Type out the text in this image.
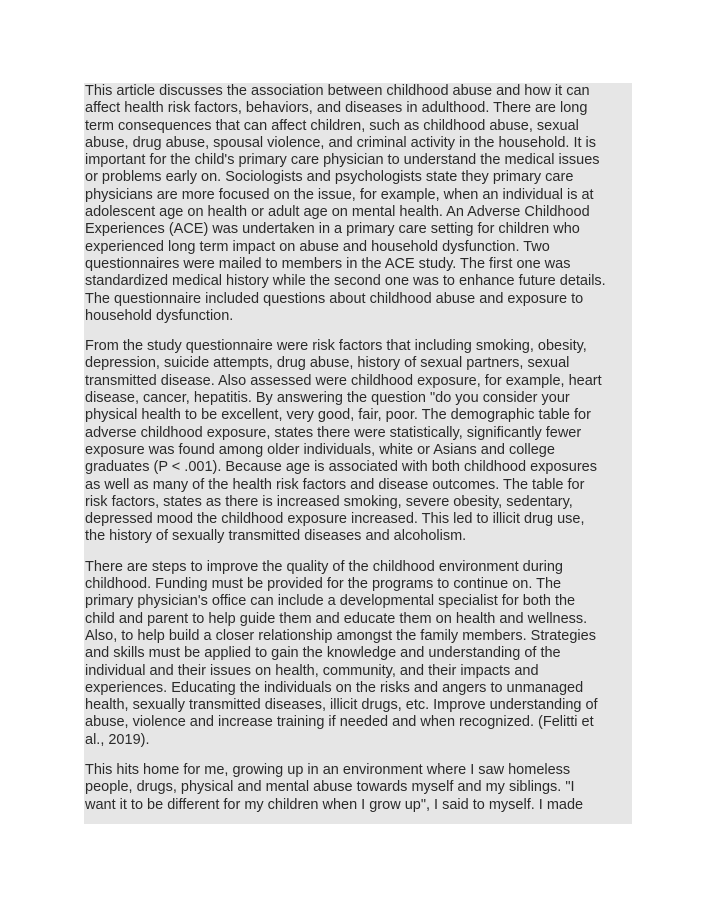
This article discusses the association between childhood abuse and how it can
affect health risk factors, behaviors, and diseases in adulthood. There are long
term consequences that can affect children, such as childhood abuse, sexual
abuse, drug abuse, spousal violence, and criminal activity in the household. It is
important for the child's primary care physician to understand the medical issues
or problems early on. Sociologists and psychologists state they primary care
physicians are more focused on the issue, for example, when an individual is at
adolescent age on health or adult age on mental health. An Adverse Childhood
Experiences (ACE) was undertaken in a primary care setting for children who
experienced long term impact on abuse and household dysfunction. Two
questionnaires were mailed to members in the ACE study. The first one was
standardized medical history while the second one was to enhance future details.
The questionnaire included questions about childhood abuse and exposure to
household dysfunction.

From the study questionnaire were risk factors that including smoking, obesity,
depression, suicide attempts, drug abuse, history of sexual partners, sexual
transmitted disease. Also assessed were childhood exposure, for example, heart
disease, cancer, hepatitis. By answering the question "do you consider your
physical health to be excellent, very good, fair, poor. The demographic table for
adverse childhood exposure, states there were statistically, significantly fewer
exposure was found among older individuals, white or Asians and college
graduates (P < .001). Because age is associated with both childhood exposures
as well as many of the health risk factors and disease outcomes. The table for
risk factors, states as there is increased smoking, severe obesity, sedentary,
depressed mood the childhood exposure increased. This led to illicit drug use,
the history of sexually transmitted diseases and alcoholism.

There are steps to improve the quality of the childhood environment during
childhood. Funding must be provided for the programs to continue on. The
primary physician's office can include a developmental specialist for both the
child and parent to help guide them and educate them on health and wellness.
Also, to help build a closer relationship amongst the family members. Strategies
and skills must be applied to gain the knowledge and understanding of the
individual and their issues on health, community, and their impacts and
experiences. Educating the individuals on the risks and angers to unmanaged
health, sexually transmitted diseases, illicit drugs, etc. Improve understanding of
abuse, violence and increase training if needed and when recognized. (Felitti et
al., 2019).

This hits home for me, growing up in an environment where I saw homeless
people, drugs, physical and mental abuse towards myself and my siblings. "I
want it to be different for my children when I grow up", I said to myself. I made
